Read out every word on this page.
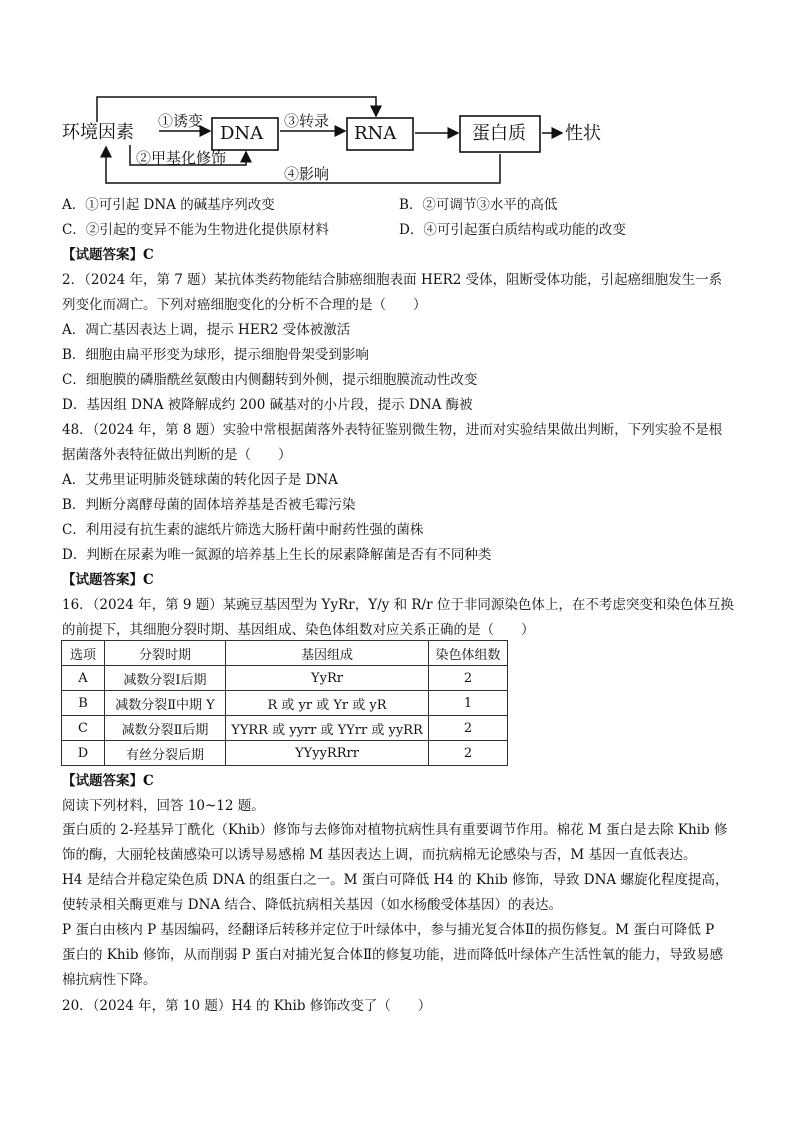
环境因素
①诱变
DNA
③转录
RNA	蛋白质 性状
②甲基化修饰
④影响
A．①可引起 DNA 的碱基序列改变	B．②可调节③水平的高低
C．②引起的变异不能为生物进化提供原材料	D．④可引起蛋白质结构或功能的改变
【试题答案】C
2．（2024 年，第 7 题）某抗体类药物能结合肺癌细胞表面 HER2 受体，阻断受体功能，引起癌细胞发生一系
列变化而凋亡。下列对癌细胞变化的分析不合理的是（　　）
A．凋亡基因表达上调，提示 HER2 受体被激活
B．细胞由扁平形变为球形，提示细胞骨架受到影响
C．细胞膜的磷脂酰丝氨酸由内侧翻转到外侧，提示细胞膜流动性改变
D．基因组 DNA 被降解成约 200 碱基对的小片段，提示 DNA 酶被
48．（2024 年，第 8 题）实验中常根据菌落外表特征鉴别微生物，进而对实验结果做出判断，下列实验不是根
据菌落外表特征做出判断的是（　　）
A．艾弗里证明肺炎链球菌的转化因子是 DNA
B．判断分离酵母菌的固体培养基是否被毛霉污染
C．利用浸有抗生素的滤纸片筛选大肠杆菌中耐药性强的菌株
D．判断在尿素为唯一氮源的培养基上生长的尿素降解菌是否有不同种类
【试题答案】C
16．（2024 年，第 9 题）某豌豆基因型为 YyRr，Y/y 和 R/r 位于非同源染色体上，在不考虑突变和染色体互换
的前提下，其细胞分裂时期、基因组成、染色体组数对应关系正确的是（　　）
选项	分裂时期	基因组成	染色体组数
A	减数分裂Ⅰ后期	YyRr	2
B	减数分裂Ⅱ中期 Y	R 或 yr 或 Yr 或 yR	1
C	减数分裂Ⅱ后期	YYRR 或 yyrr 或 YYrr 或 yyRR	2
D	有丝分裂后期	YYyyRRrr	2
【试题答案】C
阅读下列材料，回答 10~12 题。
蛋白质的 2-羟基异丁酰化（Khib）修饰与去修饰对植物抗病性具有重要调节作用。棉花 M 蛋白是去除 Khib 修饰的酶，大丽轮枝菌感染可以诱导易感棉 M 基因表达上调，而抗病棉无论感染与否，M 基因一直低表达。
H4 是结合并稳定染色质 DNA 的组蛋白之一。M 蛋白可降低 H4 的 Khib 修饰，导致 DNA 螺旋化程度提高，使转录相关酶更难与 DNA 结合、降低抗病相关基因（如水杨酸受体基因）的表达。
P 蛋白由核内 P 基因编码，经翻译后转移并定位于叶绿体中，参与捕光复合体Ⅱ的损伤修复。M 蛋白可降低 P 蛋白的 Khib 修饰，从而削弱 P 蛋白对捕光复合体Ⅱ的修复功能，进而降低叶绿体产生活性氧的能力，导致易感棉抗病性下降。
20．（2024 年，第 10 题）H4 的 Khib 修饰改变了（　　）
